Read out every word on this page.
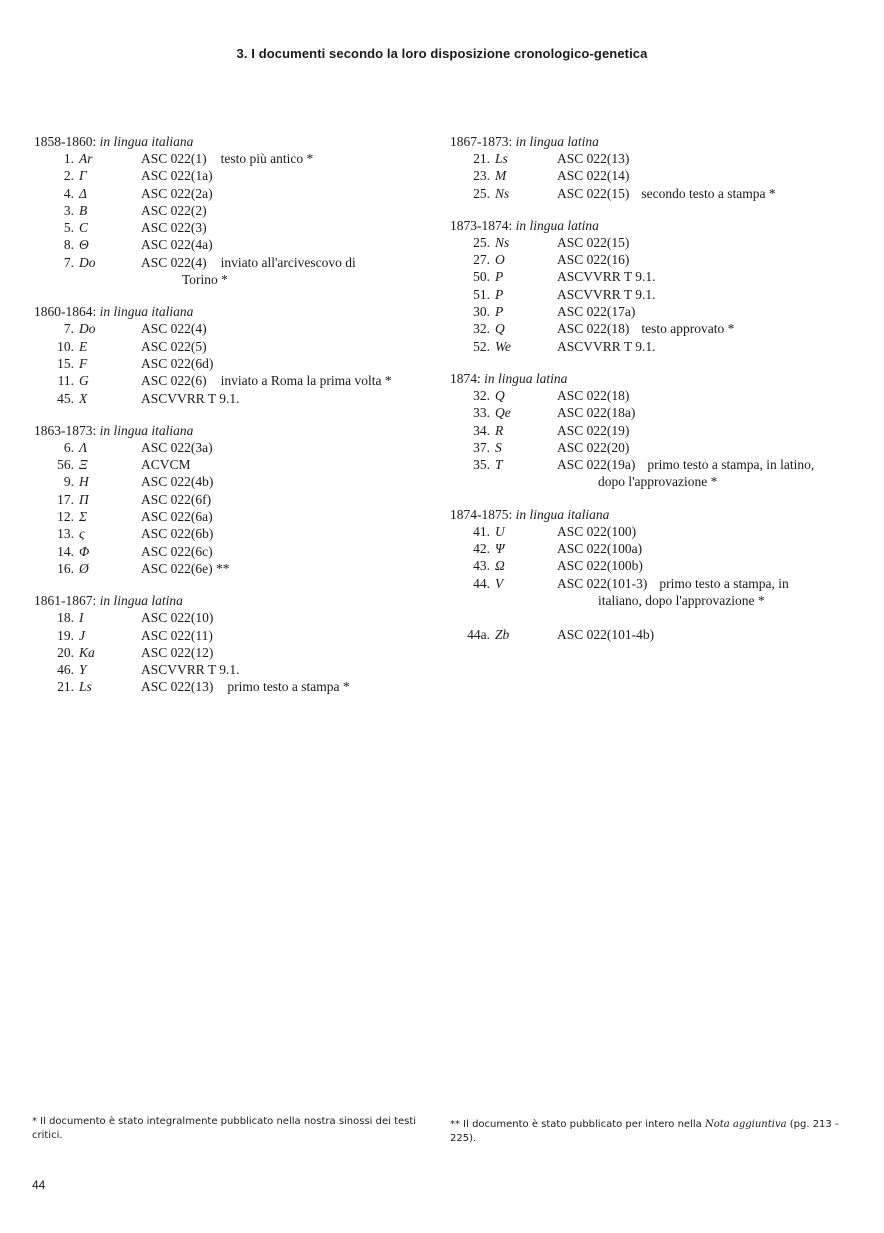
3. I documenti secondo la loro disposizione cronologico-genetica
1858-1860: in lingua italiana
1. Ar	ASC 022(1) testo più antico *
2. Γ	ASC 022(1a)
4. Δ	ASC 022(2a)
3. B	ASC 022(2)
5. C	ASC 022(3)
8. Θ	ASC 022(4a)
7. Do	ASC 022(4) inviato all'arcivescovo di
Torino *
1860-1864: in lingua italiana
7. Do	ASC 022(4)
10. E	ASC 022(5)
15. F	ASC 022(6d)
11. G	ASC 022(6) inviato a Roma la prima volta *
45. X	ASCVVRR T 9.1.
1863-1873: in lingua italiana
6. Λ	ASC 022(3a)
56. Ξ	ACVCM
9. H	ASC 022(4b)
17. Π	ASC 022(6f)
12. Σ	ASC 022(6a)
13. ς	ASC 022(6b)
14. Φ	ASC 022(6c)
16. Ø	ASC 022(6e) **
1861-1867: in lingua latina
18. I	ASC 022(10)
19. J	ASC 022(11)
20. Ka	ASC 022(12)
46. Y	ASCVVRR T 9.1.
21. Ls	ASC 022(13) primo testo a stampa *
1867-1873: in lingua latina
21. Ls	ASC 022(13)
23. M	ASC 022(14)
25. Ns	ASC 022(15) secondo testo a stampa *
1873-1874: in lingua latina
25. Ns	ASC 022(15)
27. O	ASC 022(16)
50. P	ASCVVRR T 9.1.
51. P	ASCVVRR T 9.1.
30. P	ASC 022(17a)
32. Q	ASC 022(18) testo approvato *
52. We	ASCVVRR T 9.1.
1874: in lingua latina
32. Q	ASC 022(18)
33. Qe	ASC 022(18a)
34. R	ASC 022(19)
37. S	ASC 022(20)
35. T	ASC 022(19a) primo testo a stampa, in latino,
dopo l'approvazione *
1874-1875: in lingua italiana
41. U	ASC 022(100)
42. Ψ	ASC 022(100a)
43. Ω	ASC 022(100b)
44. V	ASC 022(101-3) primo testo a stampa, in
italiano, dopo l'approvazione *
44a. Zb	ASC 022(101-4b)
* Il documento è stato integralmente pubblicato nella nostra sinossi dei testi critici.
** Il documento è stato pubblicato per intero nella Nota aggiuntiva (pg. 213 - 225).
44
